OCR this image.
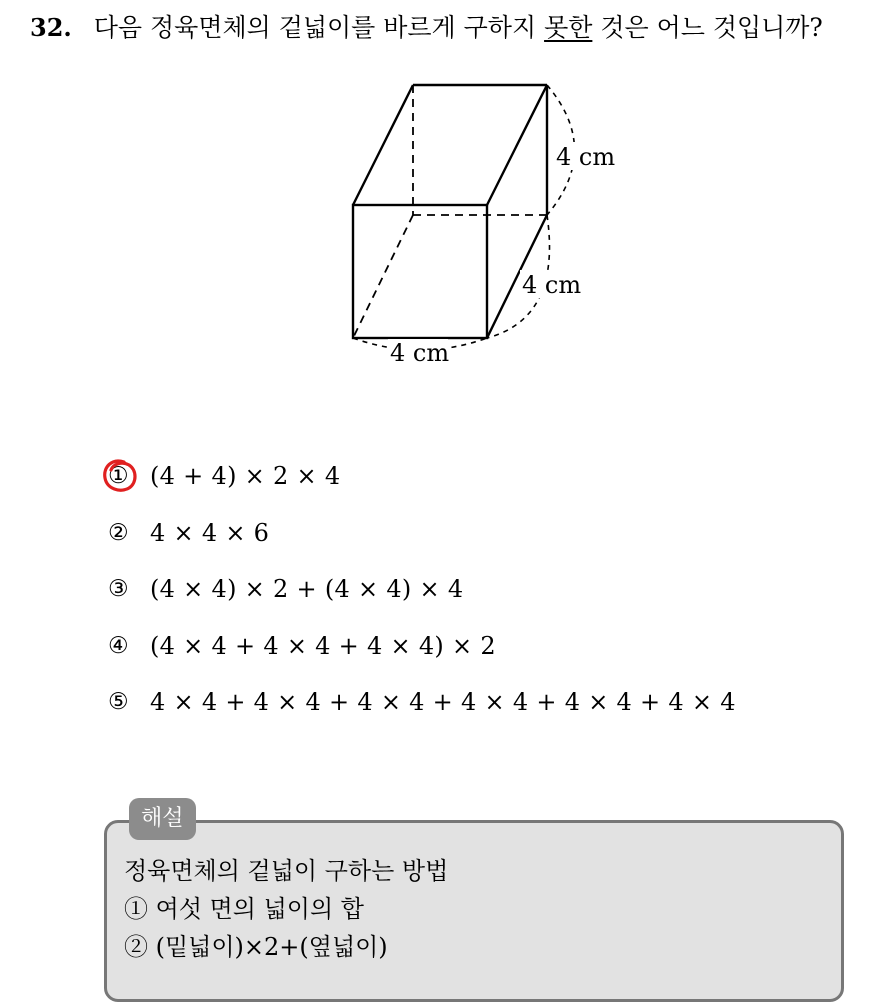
32. 다음 정육면체의 겉넓이를 바르게 구하지 못한 것은 어느 것입니까?
4 cm
4 cm
4 cm
① (4 + 4) × 2 × 4
② 4 × 4 × 6
③ (4 × 4) × 2 + (4 × 4) × 4
④ (4 × 4 + 4 × 4 + 4 × 4) × 2
⑤ 4 × 4 + 4 × 4 + 4 × 4 + 4 × 4 + 4 × 4 + 4 × 4
해설
정육면체의 겉넓이 구하는 방법
① 여섯 면의 넓이의 합
② (밑넓이)×2+(옆넓이)
